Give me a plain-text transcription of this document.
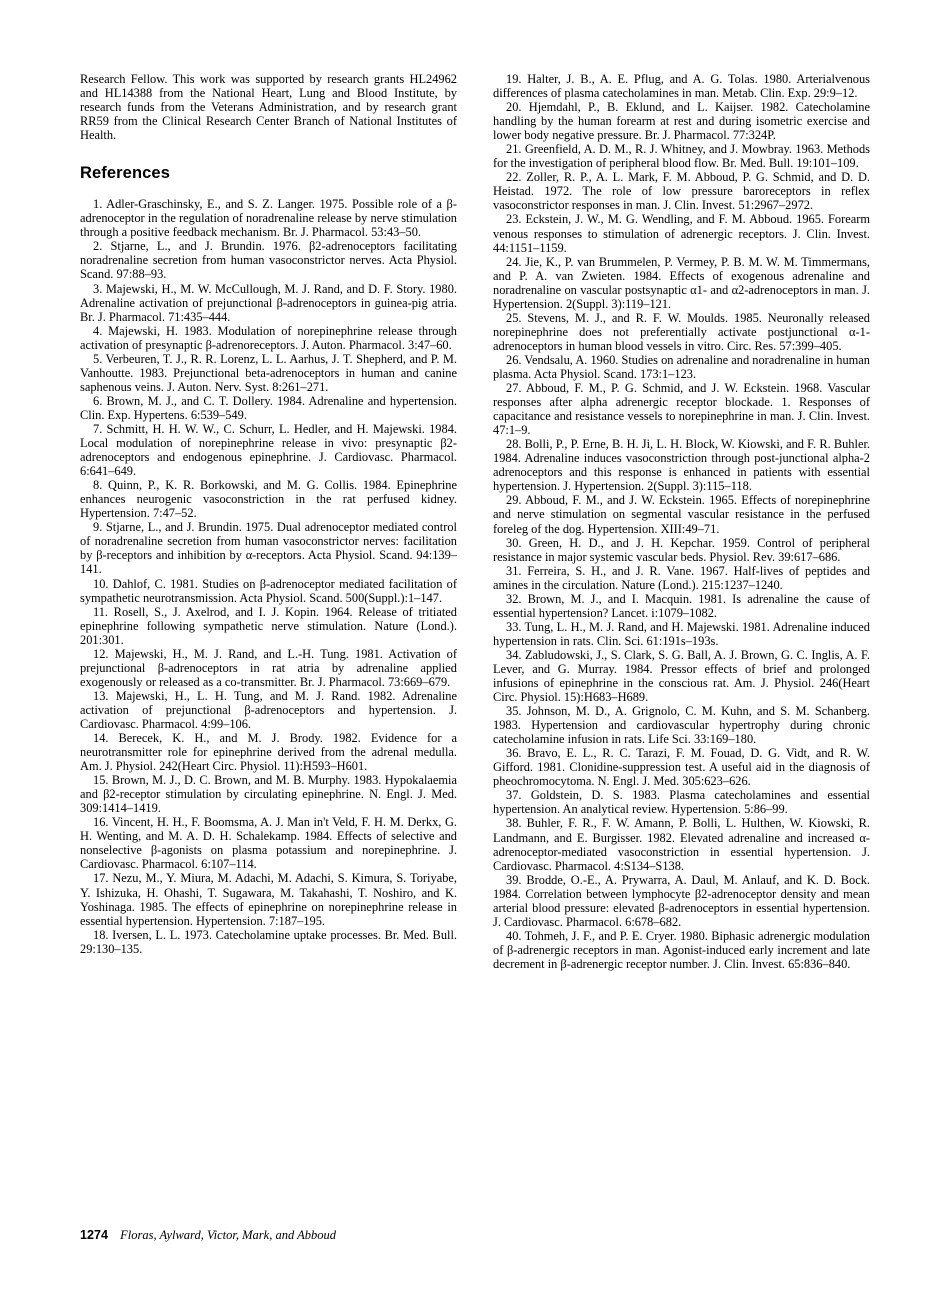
Research Fellow. This work was supported by research grants HL24962 and HL14388 from the National Heart, Lung and Blood Institute, by research funds from the Veterans Administration, and by research grant RR59 from the Clinical Research Center Branch of National Institutes of Health.

References

1. Adler-Graschinsky, E., and S. Z. Langer. 1975. Possible role of a β-adrenoceptor in the regulation of noradrenaline release by nerve stimulation through a positive feedback mechanism. Br. J. Pharmacol. 53:43–50.

2. Stjarne, L., and J. Brundin. 1976. β2-adrenoceptors facilitating noradrenaline secretion from human vasoconstrictor nerves. Acta Physiol. Scand. 97:88–93.

3. Majewski, H., M. W. McCullough, M. J. Rand, and D. F. Story. 1980. Adrenaline activation of prejunctional β-adrenoceptors in guinea-pig atria. Br. J. Pharmacol. 71:435–444.

4. Majewski, H. 1983. Modulation of norepinephrine release through activation of presynaptic β-adrenoreceptors. J. Auton. Pharmacol. 3:47–60.

5. Verbeuren, T. J., R. R. Lorenz, L. L. Aarhus, J. T. Shepherd, and P. M. Vanhoutte. 1983. Prejunctional beta-adrenoceptors in human and canine saphenous veins. J. Auton. Nerv. Syst. 8:261–271.

6. Brown, M. J., and C. T. Dollery. 1984. Adrenaline and hypertension. Clin. Exp. Hypertens. 6:539–549.

7. Schmitt, H. H. W. W., C. Schurr, L. Hedler, and H. Majewski. 1984. Local modulation of norepinephrine release in vivo: presynaptic β2-adrenoceptors and endogenous epinephrine. J. Cardiovasc. Pharmacol. 6:641–649.

8. Quinn, P., K. R. Borkowski, and M. G. Collis. 1984. Epinephrine enhances neurogenic vasoconstriction in the rat perfused kidney. Hypertension. 7:47–52.

9. Stjarne, L., and J. Brundin. 1975. Dual adrenoceptor mediated control of noradrenaline secretion from human vasoconstrictor nerves: facilitation by β-receptors and inhibition by α-receptors. Acta Physiol. Scand. 94:139–141.

10. Dahlof, C. 1981. Studies on β-adrenoceptor mediated facilitation of sympathetic neurotransmission. Acta Physiol. Scand. 500(Suppl.):1–147.

11. Rosell, S., J. Axelrod, and I. J. Kopin. 1964. Release of tritiated epinephrine following sympathetic nerve stimulation. Nature (Lond.). 201:301.

12. Majewski, H., M. J. Rand, and L.-H. Tung. 1981. Activation of prejunctional β-adrenoceptors in rat atria by adrenaline applied exogenously or released as a co-transmitter. Br. J. Pharmacol. 73:669–679.

13. Majewski, H., L. H. Tung, and M. J. Rand. 1982. Adrenaline activation of prejunctional β-adrenoceptors and hypertension. J. Cardiovasc. Pharmacol. 4:99–106.

14. Berecek, K. H., and M. J. Brody. 1982. Evidence for a neurotransmitter role for epinephrine derived from the adrenal medulla. Am. J. Physiol. 242(Heart Circ. Physiol. 11):H593–H601.

15. Brown, M. J., D. C. Brown, and M. B. Murphy. 1983. Hypokalaemia and β2-receptor stimulation by circulating epinephrine. N. Engl. J. Med. 309:1414–1419.

16. Vincent, H. H., F. Boomsma, A. J. Man in't Veld, F. H. M. Derkx, G. H. Wenting, and M. A. D. H. Schalekamp. 1984. Effects of selective and nonselective β-agonists on plasma potassium and norepinephrine. J. Cardiovasc. Pharmacol. 6:107–114.

17. Nezu, M., Y. Miura, M. Adachi, M. Adachi, S. Kimura, S. Toriyabe, Y. Ishizuka, H. Ohashi, T. Sugawara, M. Takahashi, T. Noshiro, and K. Yoshinaga. 1985. The effects of epinephrine on norepinephrine release in essential hypertension. Hypertension. 7:187–195.

18. Iversen, L. L. 1973. Catecholamine uptake processes. Br. Med. Bull. 29:130–135.

19. Halter, J. B., A. E. Pflug, and A. G. Tolas. 1980. Arterialvenous differences of plasma catecholamines in man. Metab. Clin. Exp. 29:9–12.

20. Hjemdahl, P., B. Eklund, and L. Kaijser. 1982. Catecholamine handling by the human forearm at rest and during isometric exercise and lower body negative pressure. Br. J. Pharmacol. 77:324P.

21. Greenfield, A. D. M., R. J. Whitney, and J. Mowbray. 1963. Methods for the investigation of peripheral blood flow. Br. Med. Bull. 19:101–109.

22. Zoller, R. P., A. L. Mark, F. M. Abboud, P. G. Schmid, and D. D. Heistad. 1972. The role of low pressure baroreceptors in reflex vasoconstrictor responses in man. J. Clin. Invest. 51:2967–2972.

23. Eckstein, J. W., M. G. Wendling, and F. M. Abboud. 1965. Forearm venous responses to stimulation of adrenergic receptors. J. Clin. Invest. 44:1151–1159.

24. Jie, K., P. van Brummelen, P. Vermey, P. B. M. W. M. Timmermans, and P. A. van Zwieten. 1984. Effects of exogenous adrenaline and noradrenaline on vascular postsynaptic α1- and α2-adrenoceptors in man. J. Hypertension. 2(Suppl. 3):119–121.

25. Stevens, M. J., and R. F. W. Moulds. 1985. Neuronally released norepinephrine does not preferentially activate postjunctional α-1-adrenoceptors in human blood vessels in vitro. Circ. Res. 57:399–405.

26. Vendsalu, A. 1960. Studies on adrenaline and noradrenaline in human plasma. Acta Physiol. Scand. 173:1–123.

27. Abboud, F. M., P. G. Schmid, and J. W. Eckstein. 1968. Vascular responses after alpha adrenergic receptor blockade. 1. Responses of capacitance and resistance vessels to norepinephrine in man. J. Clin. Invest. 47:1–9.

28. Bolli, P., P. Erne, B. H. Ji, L. H. Block, W. Kiowski, and F. R. Buhler. 1984. Adrenaline induces vasoconstriction through post-junctional alpha-2 adrenoceptors and this response is enhanced in patients with essential hypertension. J. Hypertension. 2(Suppl. 3):115–118.

29. Abboud, F. M., and J. W. Eckstein. 1965. Effects of norepinephrine and nerve stimulation on segmental vascular resistance in the perfused foreleg of the dog. Hypertension. XIII:49–71.

30. Green, H. D., and J. H. Kepchar. 1959. Control of peripheral resistance in major systemic vascular beds. Physiol. Rev. 39:617–686.

31. Ferreira, S. H., and J. R. Vane. 1967. Half-lives of peptides and amines in the circulation. Nature (Lond.). 215:1237–1240.

32. Brown, M. J., and I. Macquin. 1981. Is adrenaline the cause of essential hypertension? Lancet. i:1079–1082.

33. Tung, L. H., M. J. Rand, and H. Majewski. 1981. Adrenaline induced hypertension in rats. Clin. Sci. 61:191s–193s.

34. Zabludowski, J., S. Clark, S. G. Ball, A. J. Brown, G. C. Inglis, A. F. Lever, and G. Murray. 1984. Pressor effects of brief and prolonged infusions of epinephrine in the conscious rat. Am. J. Physiol. 246(Heart Circ. Physiol. 15):H683–H689.

35. Johnson, M. D., A. Grignolo, C. M. Kuhn, and S. M. Schanberg. 1983. Hypertension and cardiovascular hypertrophy during chronic catecholamine infusion in rats. Life Sci. 33:169–180.

36. Bravo, E. L., R. C. Tarazi, F. M. Fouad, D. G. Vidt, and R. W. Gifford. 1981. Clonidine-suppression test. A useful aid in the diagnosis of pheochromocytoma. N. Engl. J. Med. 305:623–626.

37. Goldstein, D. S. 1983. Plasma catecholamines and essential hypertension. An analytical review. Hypertension. 5:86–99.

38. Buhler, F. R., F. W. Amann, P. Bolli, L. Hulthen, W. Kiowski, R. Landmann, and E. Burgisser. 1982. Elevated adrenaline and increased α-adrenoceptor-mediated vasoconstriction in essential hypertension. J. Cardiovasc. Pharmacol. 4:S134–S138.

39. Brodde, O.-E., A. Prywarra, A. Daul, M. Anlauf, and K. D. Bock. 1984. Correlation between lymphocyte β2-adrenoceptor density and mean arterial blood pressure: elevated β-adrenoceptors in essential hypertension. J. Cardiovasc. Pharmacol. 6:678–682.

40. Tohmeh, J. F., and P. E. Cryer. 1980. Biphasic adrenergic modulation of β-adrenergic receptors in man. Agonist-induced early increment and late decrement in β-adrenergic receptor number. J. Clin. Invest. 65:836–840.

1274 Floras, Aylward, Victor, Mark, and Abboud
